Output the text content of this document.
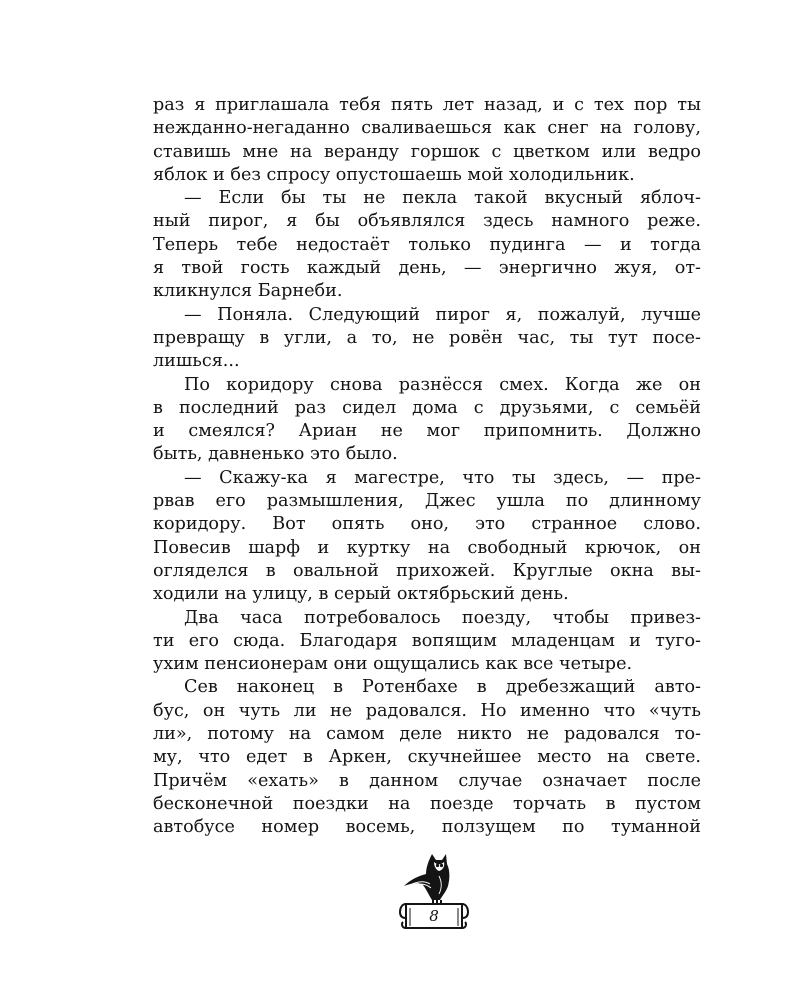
раз я приглашала тебя пять лет назад, и с тех пор ты
нежданно-негаданно сваливаешься как снег на голову,
ставишь мне на веранду горшок с цветком или ведро
яблок и без спросу опустошаешь мой холодильник.
— Если бы ты не пекла такой вкусный яблоч-
ный пирог, я бы объявлялся здесь намного реже.
Теперь тебе недостаёт только пудинга — и тогда
я твой гость каждый день, — энергично жуя, от-
кликнулся Барнеби.
— Поняла. Следующий пирог я, пожалуй, лучше
превращу в угли, а то, не ровён час, ты тут посе-
лишься...
По коридору снова разнёсся смех. Когда же он
в последний раз сидел дома с друзьями, с семьёй
и смеялся? Ариан не мог припомнить. Должно
быть, давненько это было.
— Скажу-ка я магестре, что ты здесь, — пре-
рвав его размышления, Джес ушла по длинному
коридору. Вот опять оно, это странное слово.
Повесив шарф и куртку на свободный крючок, он
огляделся в овальной прихожей. Круглые окна вы-
ходили на улицу, в серый октябрьский день.
Два часа потребовалось поезду, чтобы привез-
ти его сюда. Благодаря вопящим младенцам и туго-
ухим пенсионерам они ощущались как все четыре.
Сев наконец в Ротенбахе в дребезжащий авто-
бус, он чуть ли не радовался. Но именно что «чуть
ли», потому на самом деле никто не радовался то-
му, что едет в Аркен, скучнейшее место на свете.
Причём «ехать» в данном случае означает после
бесконечной поездки на поезде торчать в пустом
автобусе номер восемь, ползущем по туманной
8
